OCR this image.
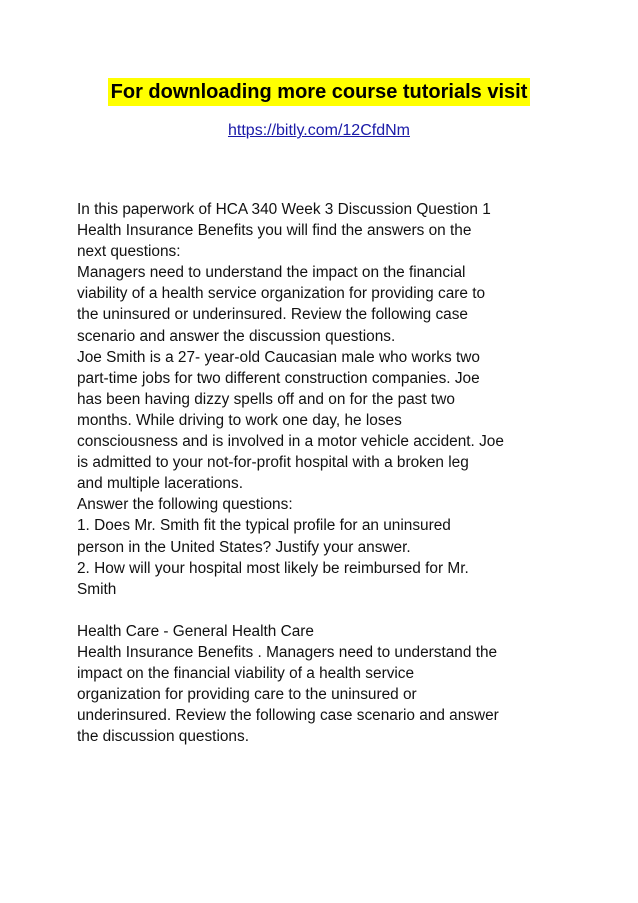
For downloading more course tutorials visit
https://bitly.com/12CfdNm
In this paperwork of HCA 340 Week 3 Discussion Question 1
Health Insurance Benefits you will find the answers on the
next questions:
Managers need to understand the impact on the financial
viability of a health service organization for providing care to
the uninsured or underinsured. Review the following case
scenario and answer the discussion questions.
Joe Smith is a 27- year-old Caucasian male who works two
part-time jobs for two different construction companies. Joe
has been having dizzy spells off and on for the past two
months. While driving to work one day, he loses
consciousness and is involved in a motor vehicle accident. Joe
is admitted to your not-for-profit hospital with a broken leg
and multiple lacerations.
Answer the following questions:
1. Does Mr. Smith fit the typical profile for an uninsured
person in the United States? Justify your answer.
2. How will your hospital most likely be reimbursed for Mr.
Smith
Health Care - General Health Care
Health Insurance Benefits . Managers need to understand the
impact on the financial viability of a health service
organization for providing care to the uninsured or
underinsured. Review the following case scenario and answer
the discussion questions.
